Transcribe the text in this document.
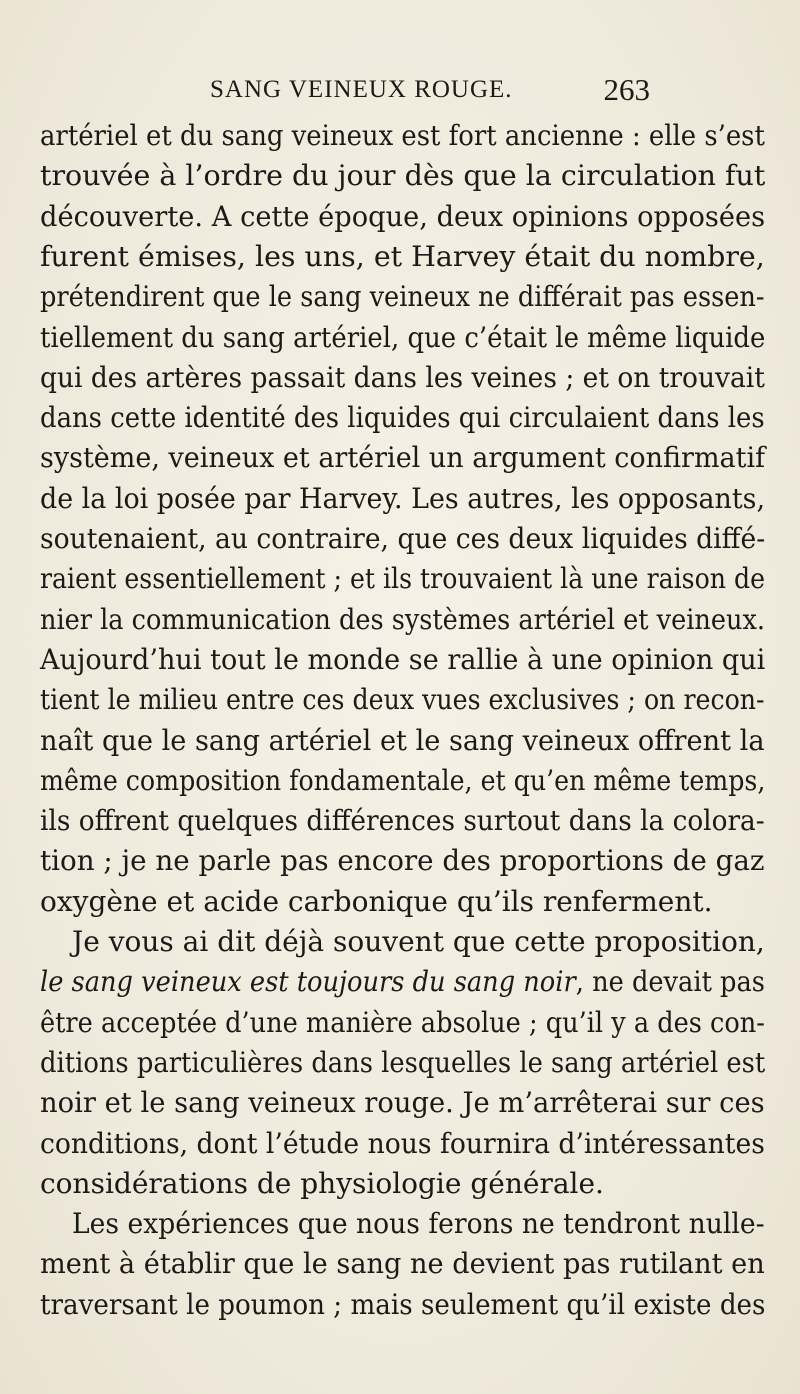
SANG VEINEUX ROUGE.	263
artériel et du sang veineux est fort ancienne : elle s’est
trouvée à l’ordre du jour dès que la circulation fut
découverte. A cette époque, deux opinions opposées
furent émises, les uns, et Harvey était du nombre,
prétendirent que le sang veineux ne différait pas essen-
tiellement du sang artériel, que c’était le même liquide
qui des artères passait dans les veines ; et on trouvait
dans cette identité des liquides qui circulaient dans les
système, veineux et artériel un argument confirmatif
de la loi posée par Harvey. Les autres, les opposants,
soutenaient, au contraire, que ces deux liquides diffé-
raient essentiellement ; et ils trouvaient là une raison de
nier la communication des systèmes artériel et veineux.
Aujourd’hui tout le monde se rallie à une opinion qui
tient le milieu entre ces deux vues exclusives ; on recon-
naît que le sang artériel et le sang veineux offrent la
même composition fondamentale, et qu’en même temps,
ils offrent quelques différences surtout dans la colora-
tion ; je ne parle pas encore des proportions de gaz
oxygène et acide carbonique qu’ils renferment.
Je vous ai dit déjà souvent que cette proposition,
le sang veineux est toujours du sang noir, ne devait pas
être acceptée d’une manière absolue ; qu’il y a des con-
ditions particulières dans lesquelles le sang artériel est
noir et le sang veineux rouge. Je m’arrêterai sur ces
conditions, dont l’étude nous fournira d’intéressantes
considérations de physiologie générale.
Les expériences que nous ferons ne tendront nulle-
ment à établir que le sang ne devient pas rutilant en
traversant le poumon ; mais seulement qu’il existe des
